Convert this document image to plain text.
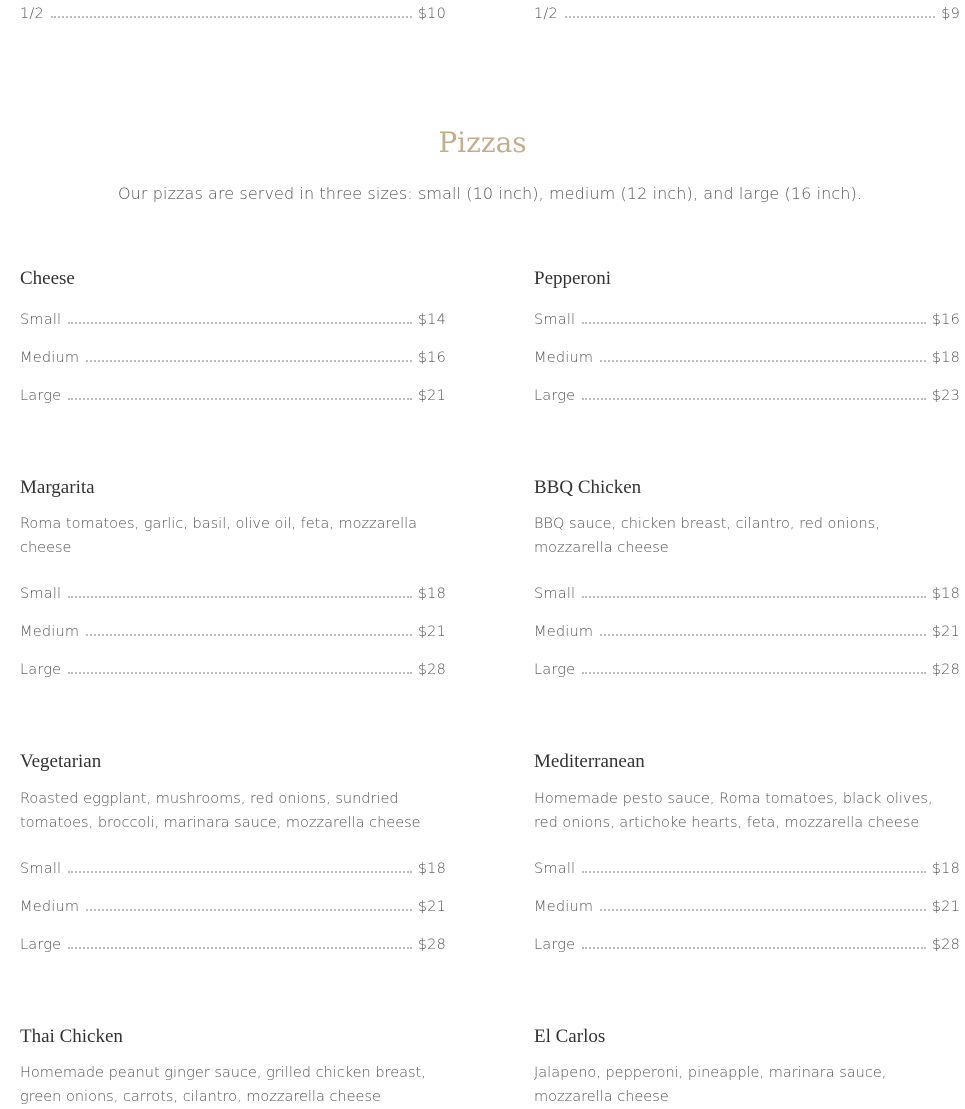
1/2	$10	1/2	$9
Pizzas

Our pizzas are served in three sizes: small (10 inch), medium (12 inch), and large (16 inch).

Cheese
Small	$14
Medium	$16
Large	$21
Pepperoni
Small	$16
Medium	$18
Large	$23
Margarita

Roma tomatoes, garlic, basil, olive oil, feta, mozzarella cheese

Small	$18
Medium	$21
Large	$28
BBQ Chicken

BBQ sauce, chicken breast, cilantro, red onions, mozzarella cheese

Small	$18
Medium	$21
Large	$28
Vegetarian

Roasted eggplant, mushrooms, red onions, sundried tomatoes, broccoli, marinara sauce, mozzarella cheese

Small	$18
Medium	$21
Large	$28
Mediterranean

Homemade pesto sauce, Roma tomatoes, black olives, red onions, artichoke hearts, feta, mozzarella cheese

Small	$18
Medium	$21
Large	$28
Thai Chicken

Homemade peanut ginger sauce, grilled chicken breast, green onions, carrots, cilantro, mozzarella cheese

El Carlos

Jalapeno, pepperoni, pineapple, marinara sauce, mozzarella cheese
